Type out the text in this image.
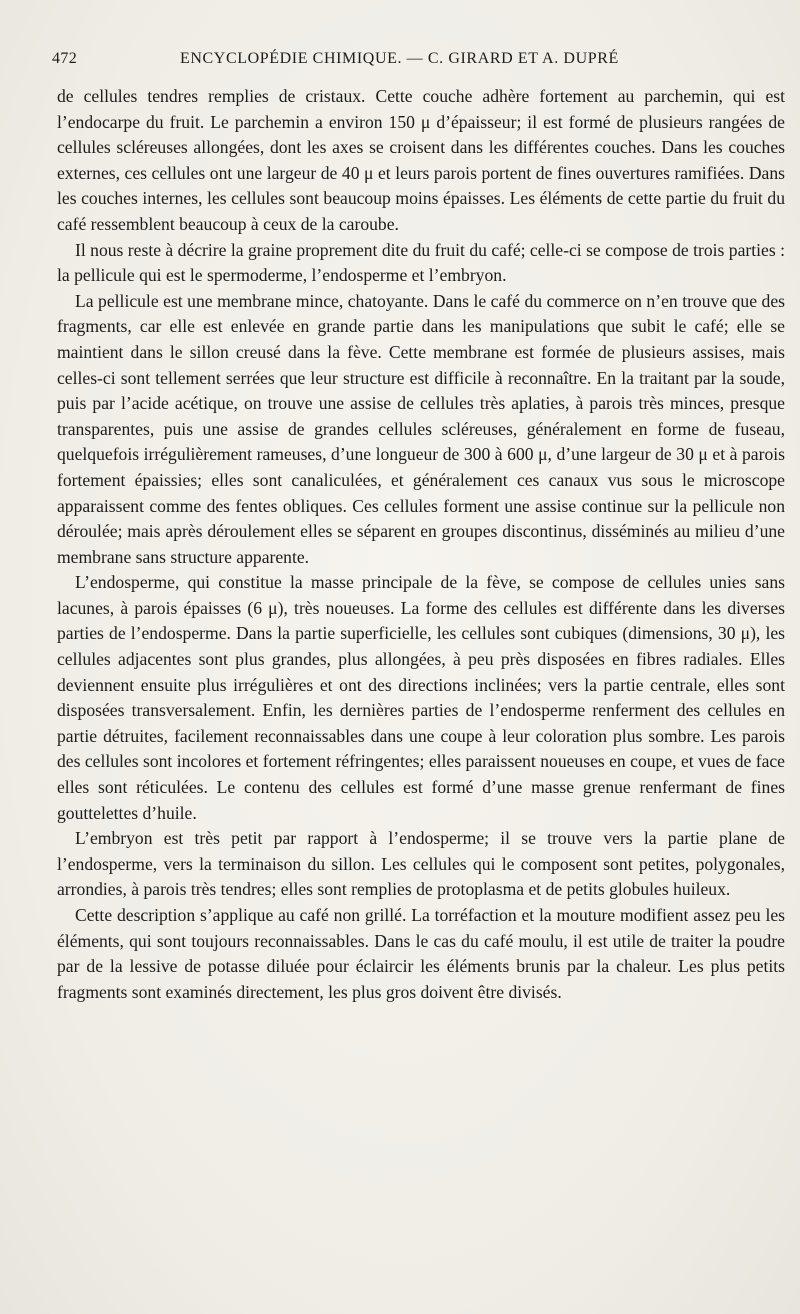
472	ENCYCLOPÉDIE CHIMIQUE. — C. GIRARD ET A. DUPRÉ

de cellules tendres remplies de cristaux. Cette couche adhère fortement au parchemin, qui est l’endocarpe du fruit. Le parchemin a environ 150 μ d’épaisseur; il est formé de plusieurs rangées de cellules scléreuses allongées, dont les axes se croisent dans les différentes couches. Dans les couches externes, ces cellules ont une largeur de 40 μ et leurs parois portent de fines ouvertures ramifiées. Dans les couches internes, les cellules sont beaucoup moins épaisses. Les éléments de cette partie du fruit du café ressemblent beaucoup à ceux de la caroube.

Il nous reste à décrire la graine proprement dite du fruit du café; celle-ci se compose de trois parties : la pellicule qui est le spermoderme, l’endosperme et l’embryon.

La pellicule est une membrane mince, chatoyante. Dans le café du commerce on n’en trouve que des fragments, car elle est enlevée en grande partie dans les manipulations que subit le café; elle se maintient dans le sillon creusé dans la fève. Cette membrane est formée de plusieurs assises, mais celles-ci sont tellement serrées que leur structure est difficile à reconnaître. En la traitant par la soude, puis par l’acide acétique, on trouve une assise de cellules très aplaties, à parois très minces, presque transparentes, puis une assise de grandes cellules scléreuses, généralement en forme de fuseau, quelquefois irrégulièrement rameuses, d’une longueur de 300 à 600 μ, d’une largeur de 30 μ et à parois fortement épaissies; elles sont canaliculées, et généralement ces canaux vus sous le microscope apparaissent comme des fentes obliques. Ces cellules forment une assise continue sur la pellicule non déroulée; mais après déroulement elles se séparent en groupes discontinus, disséminés au milieu d’une membrane sans structure apparente.

L’endosperme, qui constitue la masse principale de la fève, se compose de cellules unies sans lacunes, à parois épaisses (6 μ), très noueuses. La forme des cellules est différente dans les diverses parties de l’endosperme. Dans la partie superficielle, les cellules sont cubiques (dimensions, 30 μ), les cellules adjacentes sont plus grandes, plus allongées, à peu près disposées en fibres radiales. Elles deviennent ensuite plus irrégulières et ont des directions inclinées; vers la partie centrale, elles sont disposées transversalement. Enfin, les dernières parties de l’endosperme renferment des cellules en partie détruites, facilement reconnaissables dans une coupe à leur coloration plus sombre. Les parois des cellules sont incolores et fortement réfringentes; elles paraissent noueuses en coupe, et vues de face elles sont réticulées. Le contenu des cellules est formé d’une masse grenue renfermant de fines gouttelettes d’huile.

L’embryon est très petit par rapport à l’endosperme; il se trouve vers la partie plane de l’endosperme, vers la terminaison du sillon. Les cellules qui le composent sont petites, polygonales, arrondies, à parois très tendres; elles sont remplies de protoplasma et de petits globules huileux.

Cette description s’applique au café non grillé. La torréfaction et la mouture modifient assez peu les éléments, qui sont toujours reconnaissables. Dans le cas du café moulu, il est utile de traiter la poudre par de la lessive de potasse diluée pour éclaircir les éléments brunis par la chaleur. Les plus petits fragments sont examinés directement, les plus gros doivent être divisés.
